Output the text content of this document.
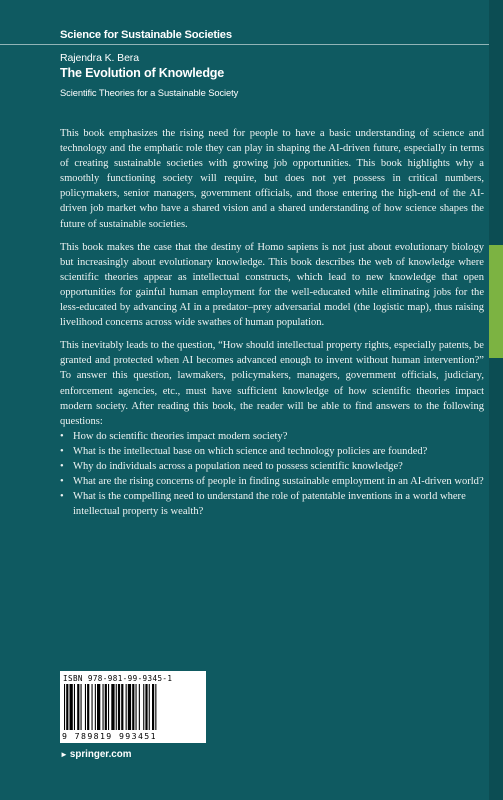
Science for Sustainable Societies
Rajendra K. Bera
The Evolution of Knowledge
Scientific Theories for a Sustainable Society

This book emphasizes the rising need for people to have a basic understanding of science and technology and the emphatic role they can play in shaping the AI-driven future, especially in terms of creating sustainable societies with growing job opportunities. This book highlights why a smoothly functioning society will require, but does not yet possess in critical numbers, policymakers, senior managers, government officials, and those entering the high-end of the AI-driven job market who have a shared vision and a shared understanding of how science shapes the future of sustainable societies.

This book makes the case that the destiny of Homo sapiens is not just about evolutionary biology but increasingly about evolutionary knowledge. This book describes the web of knowledge where scientific theories appear as intellectual constructs, which lead to new knowledge that open opportunities for gainful human employment for the well-educated while eliminating jobs for the less-educated by advancing AI in a predator–prey adversarial model (the logistic map), thus raising livelihood concerns across wide swathes of human population.

This inevitably leads to the question, “How should intellectual property rights, especially patents, be granted and protected when AI becomes advanced enough to invent without human intervention?” To answer this question, lawmakers, policymakers, managers, government officials, judiciary, enforcement agencies, etc., must have sufficient knowledge of how scientific theories impact modern society. After reading this book, the reader will be able to find answers to the following questions:

• How do scientific theories impact modern society?
• What is the intellectual base on which science and technology policies are founded?
• Why do individuals across a population need to possess scientific knowledge?
• What are the rising concerns of people in finding sustainable employment in an AI-driven world?
• What is the compelling need to understand the role of patentable inventions in a world where intellectual property is wealth?
ISBN 978-981-99-9345-1
9 789819 993451
► springer.com
